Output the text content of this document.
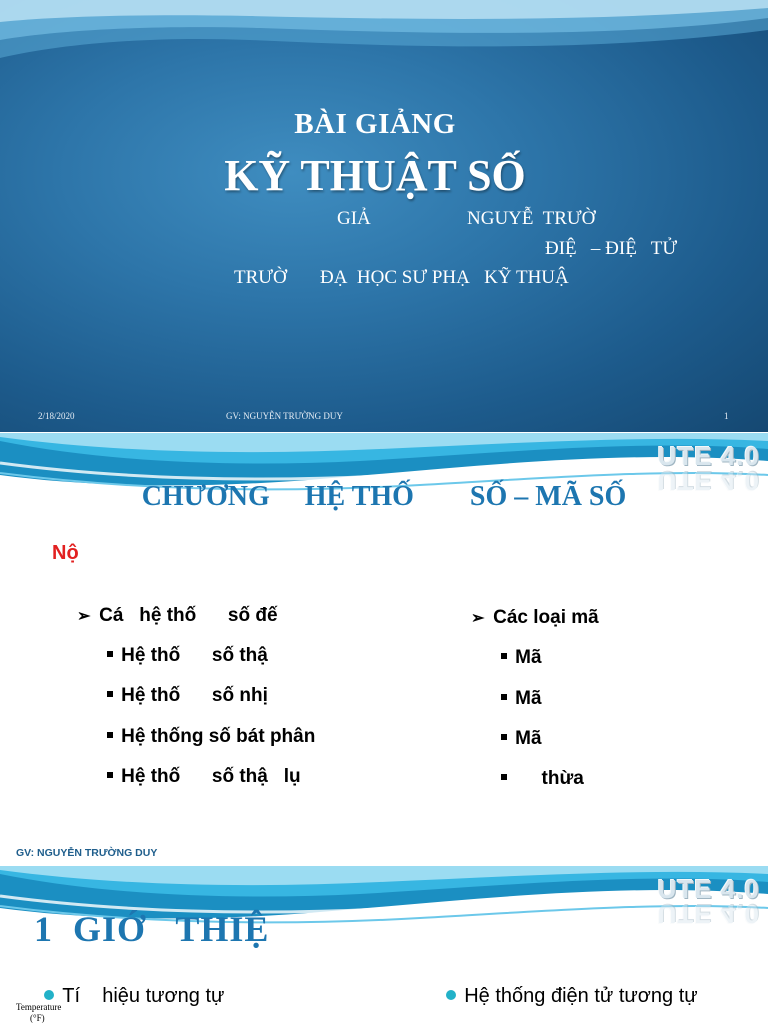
BÀI GIẢNG
KỸ THUẬT SỐ
GIẢ	NGUYỄ  TRƯỜ
ĐIỆ   – ĐIỆ   TỬ
TRƯỜ       ĐẠ  HỌC SƯ PHẠ   KỸ THUẬ
2/18/2020	GV: NGUYỄN TRƯỜNG DUY	1
UTE 4.0
UTE 4.0
CHƯƠNG     HỆ THỐ        SỐ – MÃ SỐ
Nộ

➢ Cá   hệ thố      số đế

Hệ thố      số thậ

Hệ thố      số nhị

Hệ thống số bát phân

Hệ thố      số thậ   lụ

➢ Các loại mã

Mã

Mã

Mã

thừa

GV: NGUYỄN TRƯỜNG DUY
UTE 4.0
UTE 4.0
1  GIỚ   THIỆ

Tí    hiệu tương tự
	Hệ thống điện tử tương tự

Temperature
(°F)
